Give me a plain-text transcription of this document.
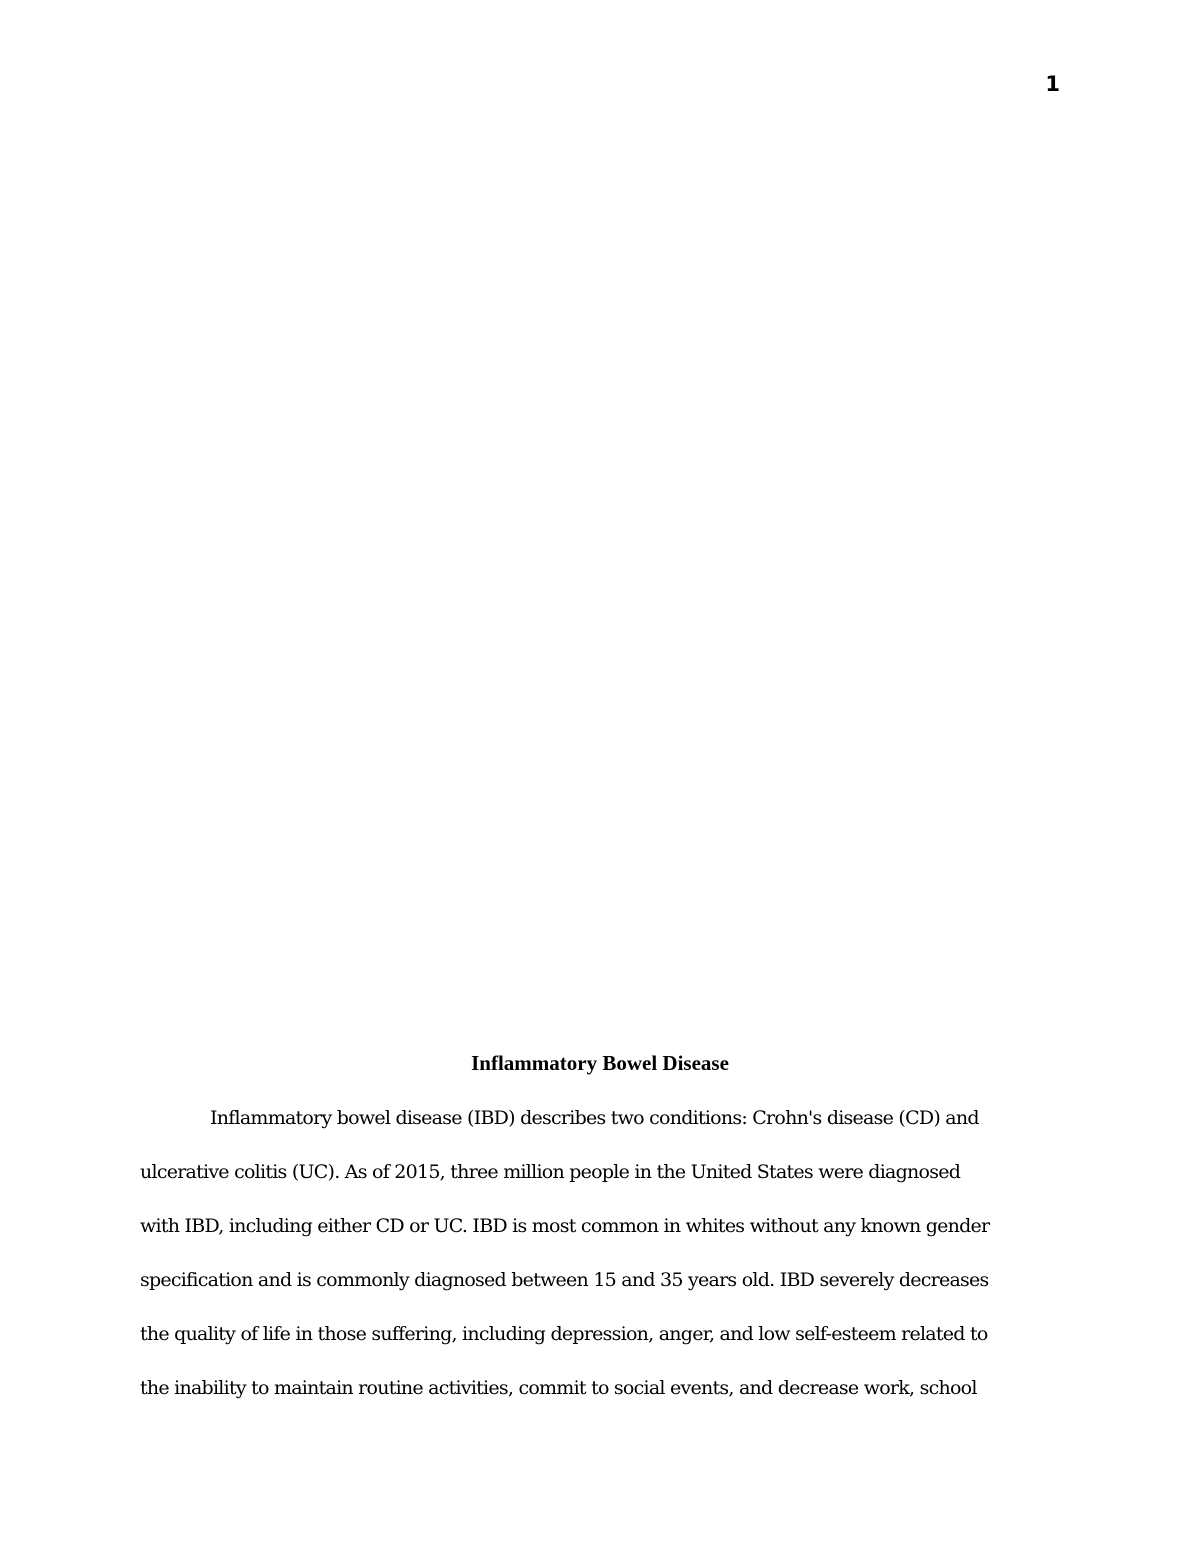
1
Inflammatory Bowel Disease
Inflammatory bowel disease (IBD) describes two conditions: Crohn's disease (CD) and
ulcerative colitis (UC). As of 2015, three million people in the United States were diagnosed
with IBD, including either CD or UC. IBD is most common in whites without any known gender
specification and is commonly diagnosed between 15 and 35 years old. IBD severely decreases
the quality of life in those suffering, including depression, anger, and low self-esteem related to
the inability to maintain routine activities, commit to social events, and decrease work, school
